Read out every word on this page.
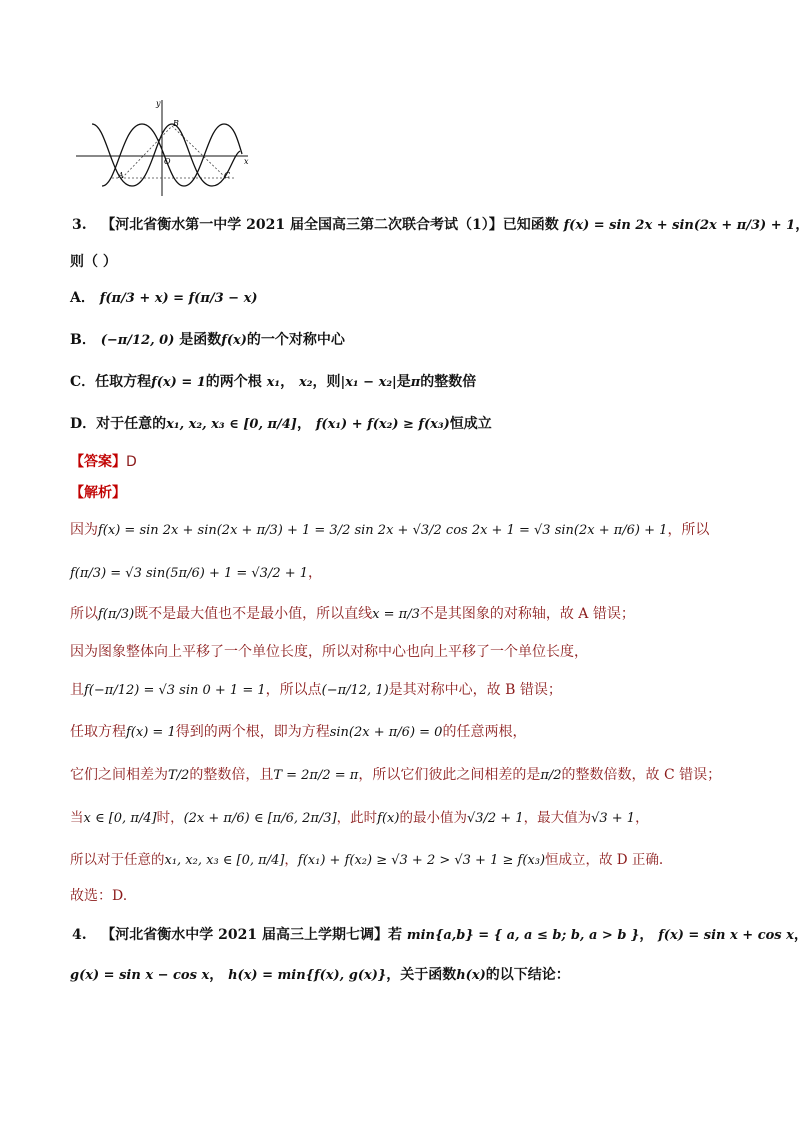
y
x
B
O
A	C
3. 【河北省衡水第一中学 2021 届全国高三第二次联合考试（1）】已知函数 f(x) = sin 2x + sin(2x + π/3) + 1，
则（ ）
A． f(π/3 + x) = f(π/3 − x)
B． (−π/12, 0) 是函数f(x)的一个对称中心
C．任取方程f(x) = 1的两个根 x₁， x₂，则|x₁ − x₂|是π的整数倍
D．对于任意的x₁, x₂, x₃ ∈ [0, π/4]， f(x₁) + f(x₂) ≥ f(x₃)恒成立
【答案】D
【解析】
因为f(x) = sin 2x + sin(2x + π/3) + 1 = 3/2 sin 2x + √3/2 cos 2x + 1 = √3 sin(2x + π/6) + 1，所以
f(π/3) = √3 sin(5π/6) + 1 = √3/2 + 1，
所以f(π/3)既不是最大值也不是最小值，所以直线x = π/3不是其图象的对称轴，故 A 错误；
因为图象整体向上平移了一个单位长度，所以对称中心也向上平移了一个单位长度，
且f(−π/12) = √3 sin 0 + 1 = 1，所以点(−π/12, 1)是其对称中心，故 B 错误；
任取方程f(x) = 1得到的两个根，即为方程sin(2x + π/6) = 0的任意两根，
它们之间相差为T/2的整数倍，且T = 2π/2 = π，所以它们彼此之间相差的是π/2的整数倍数，故 C 错误；
当x ∈ [0, π/4]时，(2x + π/6) ∈ [π/6, 2π/3]，此时f(x)的最小值为√3/2 + 1，最大值为√3 + 1，
所以对于任意的x₁, x₂, x₃ ∈ [0, π/4]，f(x₁) + f(x₂) ≥ √3 + 2 > √3 + 1 ≥ f(x₃)恒成立，故 D 正确.
故选：D.
4. 【河北省衡水中学 2021 届高三上学期七调】若 min{a,b} = { a, a ≤ b; b, a > b }， f(x) = sin x + cos x，
g(x) = sin x − cos x， h(x) = min{f(x), g(x)}，关于函数h(x)的以下结论：
